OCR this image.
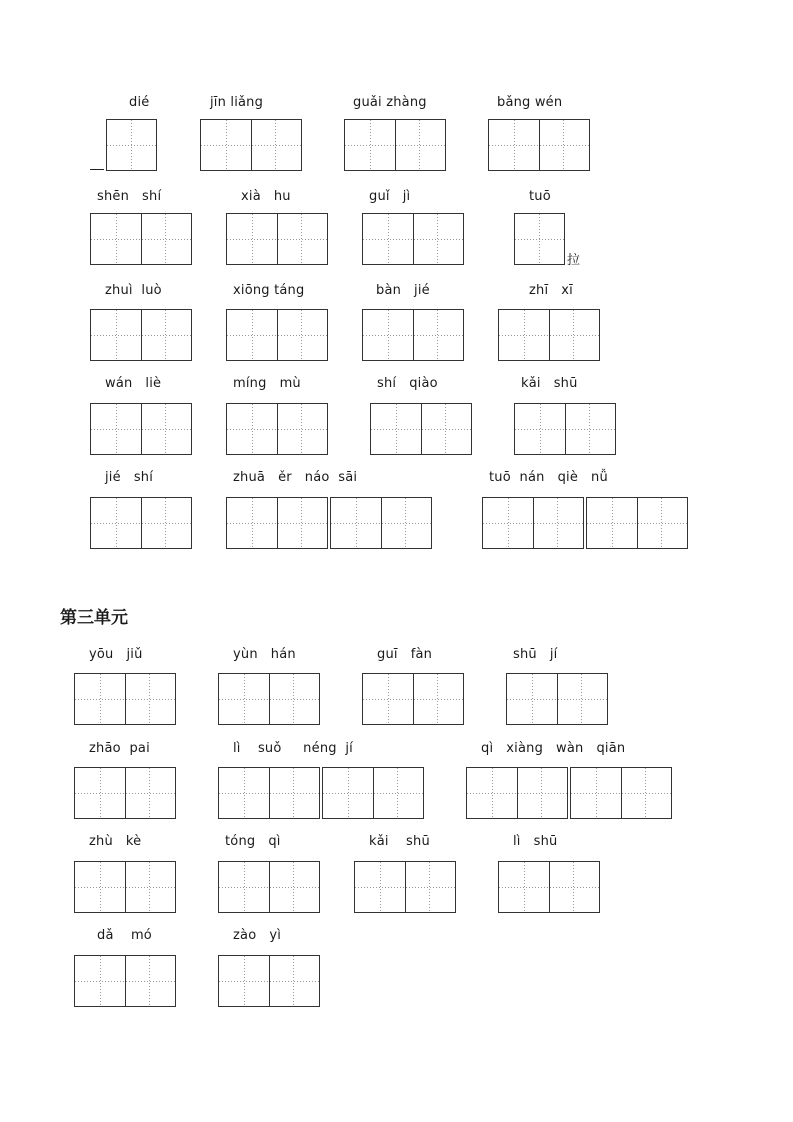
dié	jīn liǎng	guǎi zhàng	bǎng wén
shēn   shí	xià   hu	guǐ   jì	tuō
拉
zhuì  luò	xiōng táng	bàn   jié	zhī   xī
wán   liè	míng   mù	shí   qiào	kǎi   shū
jié   shí	zhuā   ěr   náo  sāi	tuō  nán   qiè   nǚ
第三单元
yōu   jiǔ	yùn   hán	guī   fàn	shū   jí
zhāo  pai	lì    suǒ     néng  jí	qì   xiàng   wàn   qiān
zhù   kè	tóng   qì	kǎi    shū	lì   shū
dǎ    mó	zào   yì
